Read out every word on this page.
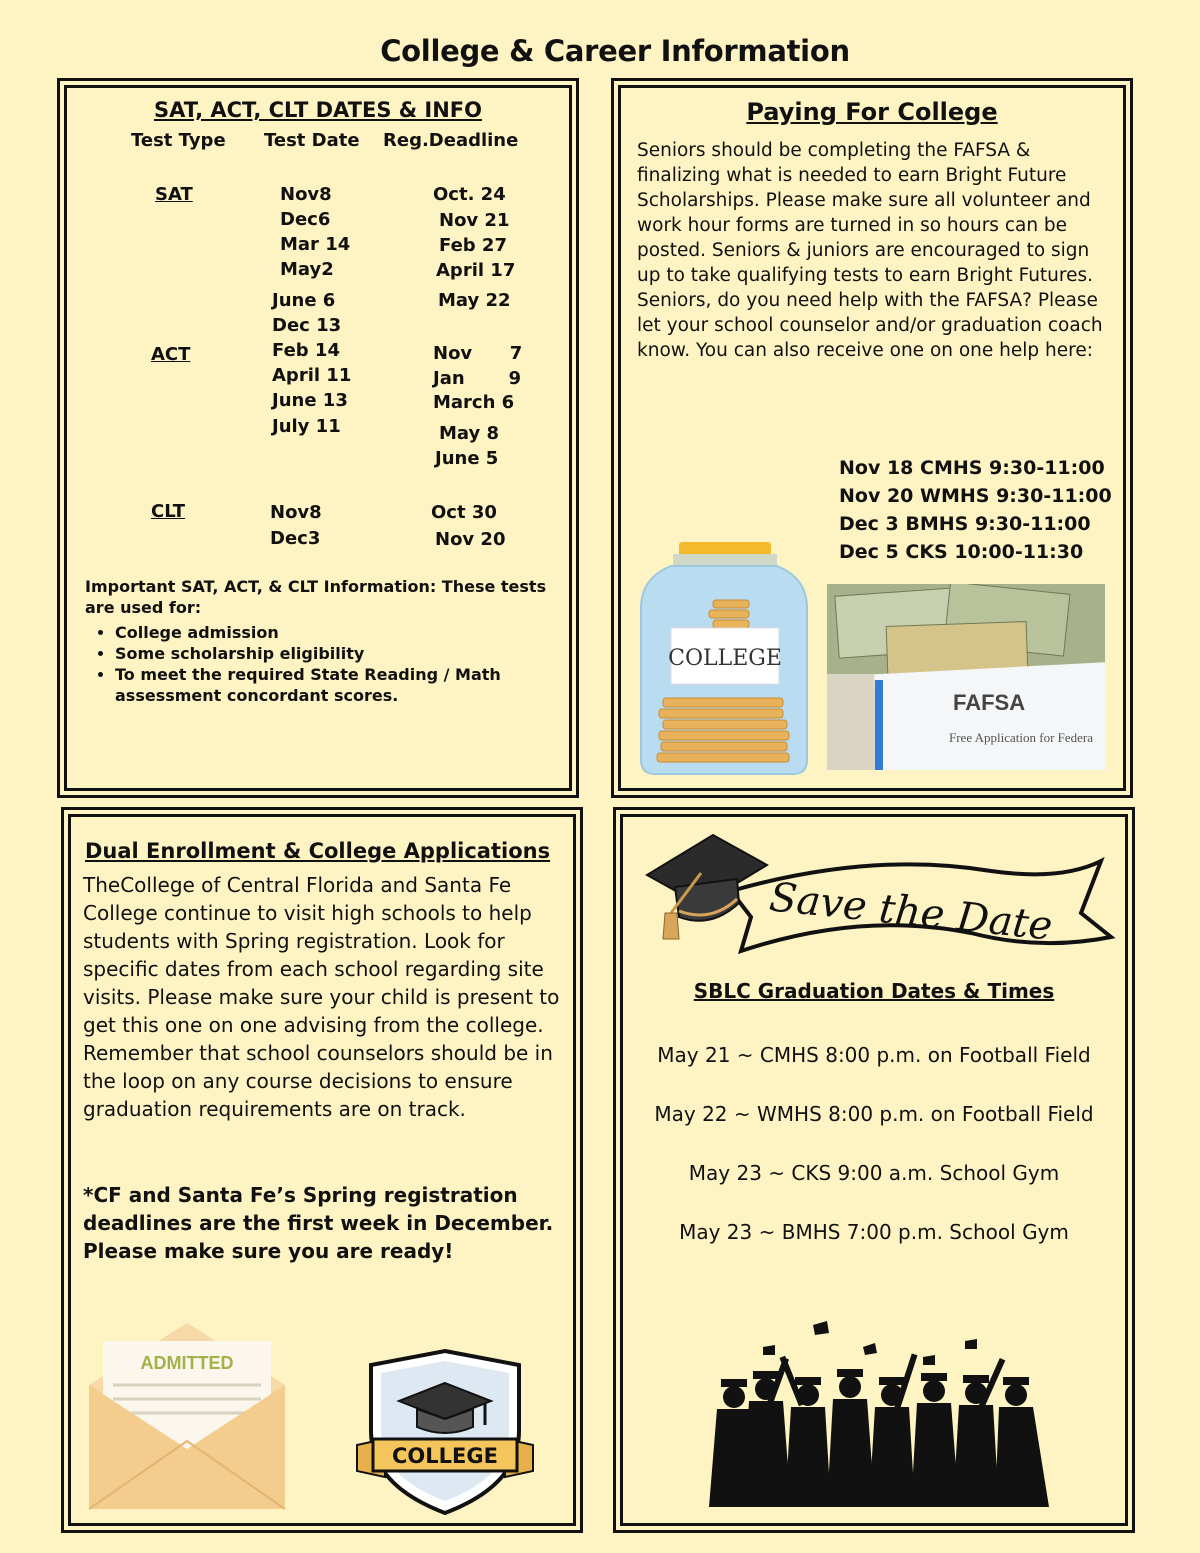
College & Career Information
SAT, ACT, CLT DATES & INFO
Test Type Test Date Reg.Deadline
SAT	Nov8
Dec6
Mar 14
May2
June 6
Oct. 24
Nov 21
Feb 27
April 17
May 22
ACT
Dec 13
Feb 14
April 11
June 13
July 11
Nov      7
Jan       9
March 6
May 8
June 5
CLT	Nov8
Dec3
Oct 30
Nov 20
Important SAT, ACT, & CLT Information: These tests are used for:
• College admission
• Some scholarship eligibility
• To meet the required State Reading / Math assessment concordant scores.
Paying For College

Seniors should be completing the FAFSA & finalizing what is needed to earn Bright Future Scholarships. Please make sure all volunteer and work hour forms are turned in so hours can be posted. Seniors & juniors are encouraged to sign up to take qualifying tests to earn Bright Futures.

Seniors, do you need help with the FAFSA? Please let your school counselor and/or graduation coach know. You can also receive one on one help here:

Nov 18 CMHS 9:30-11:00
Nov 20 WMHS 9:30-11:00
Dec 3 BMHS 9:30-11:00
Dec 5 CKS 10:00-11:30
COLLEGE
FAFSA
Free Application for Federa
Dual Enrollment & College Applications

TheCollege of Central Florida and Santa Fe College continue to visit high schools to help students with Spring registration. Look for specific dates from each school regarding site visits. Please make sure your child is present to get this one on one advising from the college. Remember that school counselors should be in the loop on any course decisions to ensure graduation requirements are on track.

*CF and Santa Fe’s Spring registration deadlines are the first week in December. Please make sure you are ready!
ADMITTED
COLLEGE
Save the Date
SBLC Graduation Dates & Times
May 21 ~ CMHS 8:00 p.m. on Football Field
May 22 ~ WMHS 8:00 p.m. on Football Field
May 23 ~ CKS 9:00 a.m. School Gym
May 23 ~ BMHS 7:00 p.m. School Gym
